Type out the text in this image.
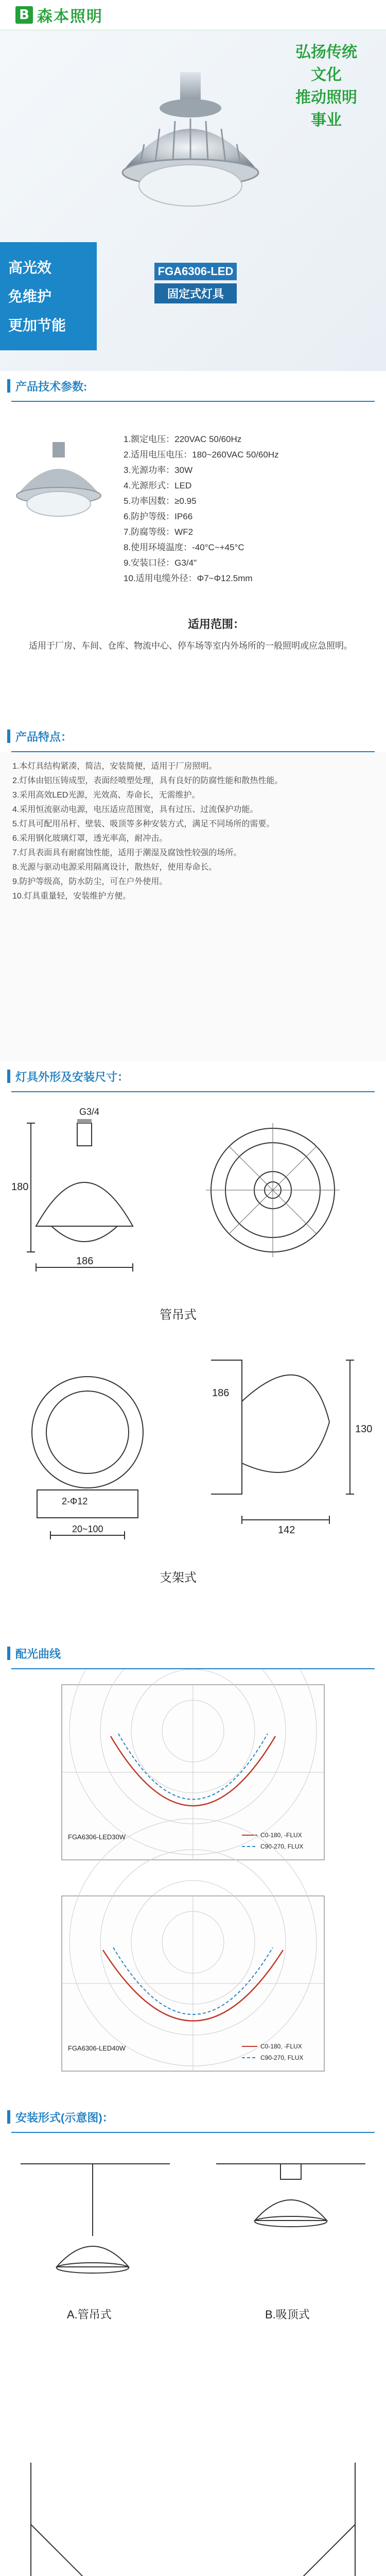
B 森本照明
弘扬传统文化
推动照明事业
高光效
免维护
更加节能
FGA6306-LED
固定式灯具
产品技术参数:
1.额定电压：220VAC 50/60Hz
2.适用电压电压：180~260VAC 50/60Hz
3.光源功率：30W
4.光源形式：LED
5.功率因数：≥0.95
6.防护等级：IP66
7.防腐等级：WF2
8.使用环境温度：-40°C~+45°C
9.安装口径：G3/4"
10.适用电缆外径：Φ7~Φ12.5mm
适用范围：
适用于厂房、车间、仓库、物流中心、停车场等室内外场所的一般照明或应急照明。
产品特点：
1.本灯具结构紧凑，简洁，安装简便，适用于厂房照明。
2.灯体由铝压铸成型，表面经喷塑处理，具有良好的防腐性能和散热性能。
3.采用高效LED光源，光效高、寿命长，无需维护。
4.采用恒流驱动电源，电压适应范围宽，具有过压、过流保护功能。
5.灯具可配用吊杆、壁装、吸顶等多种安装方式，满足不同场所的需要。
6.采用钢化玻璃灯罩，透光率高，耐冲击。
7.灯具表面具有耐腐蚀性能，适用于潮湿及腐蚀性较强的场所。
8.光源与驱动电源采用隔离设计，散热好，使用寿命长。
9.防护等级高，防水防尘，可在户外使用。
10.灯具重量轻，安装维护方便。
灯具外形及安装尺寸：
G3/4
180
186
管吊式
186
130
142
20~100
2-Φ12
支架式
配光曲线
FGA6306-LED30W	C0-180, -FLUX
C90-270, FLUX
FGA6306-LED40W	C0-180, -FLUX
C90-270, FLUX
安装形式(示意图)：
A.管吊式	B.吸顶式
